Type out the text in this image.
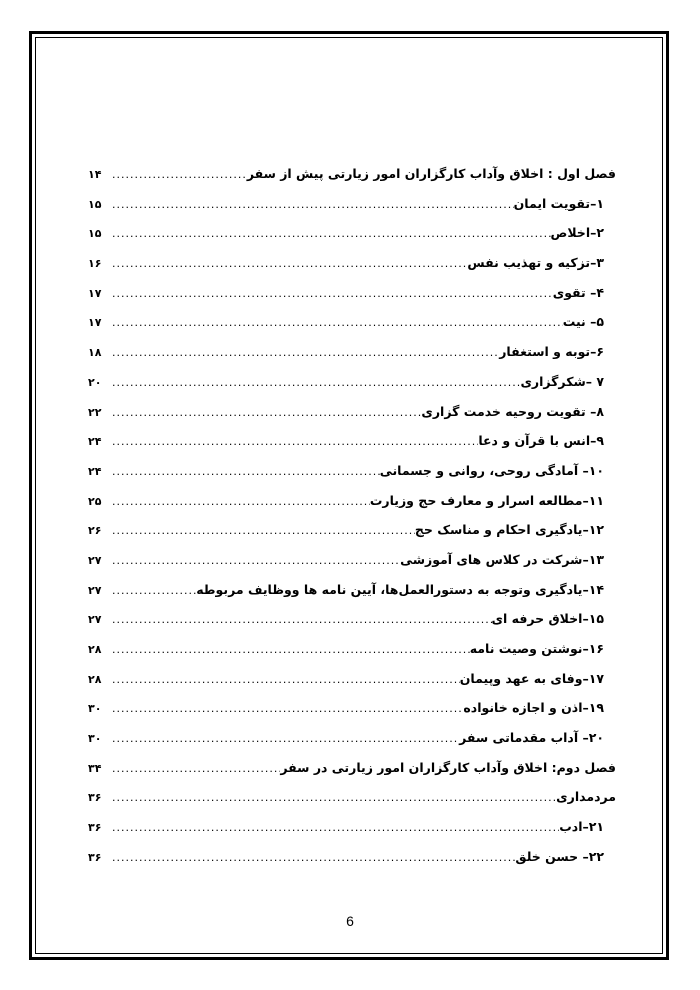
فصل اول : اخلاق وآداب کارگزاران امور زیارتی پیش از سفر
.....
۱۴
۱–تقویت ایمان
.....
۱۵
۲–اخلاص
.....
۱۵
۳–تزکیه و تهذیب نفس
.....
۱۶
۴– تقوی
.....
۱۷
۵– نیت
.....
۱۷
۶–توبه و استغفار
.....
۱۸
۷ –شکرگزاری
.....
۲۰
۸– تقویت روحیه خدمت گزاری
.....
۲۲
۹–انس با قرآن و دعا
.....
۲۴
۱۰– آمادگی روحی، روانی و جسمانی
.....
۲۴
۱۱–مطالعه اسرار و معارف حج وزیارت
.....
۲۵
۱۲–یادگیری احکام و مناسک حج
.....
۲۶
۱۳–شرکت در کلاس های آموزشی
.....
۲۷
۱۴–یادگیری وتوجه به دستورالعمل‌ها، آیین نامه ها ووظایف مربوطه
.....
۲۷
۱۵–اخلاق حرفه ای
.....
۲۷
۱۶–نوشتن وصیت نامه
.....
۲۸
۱۷–وفای به عهد وپیمان
.....
۲۸
۱۹–اذن و اجازه خانواده
.....
۳۰
۲۰– آداب مقدماتی سفر
.....
۳۰
فصل دوم: اخلاق وآداب کارگزاران امور زیارتی در سفر
.....
۳۴
مردمداری
.....
۳۶
۲۱–ادب
.....
۳۶
۲۲– حسن خلق
.....
۳۶
6
